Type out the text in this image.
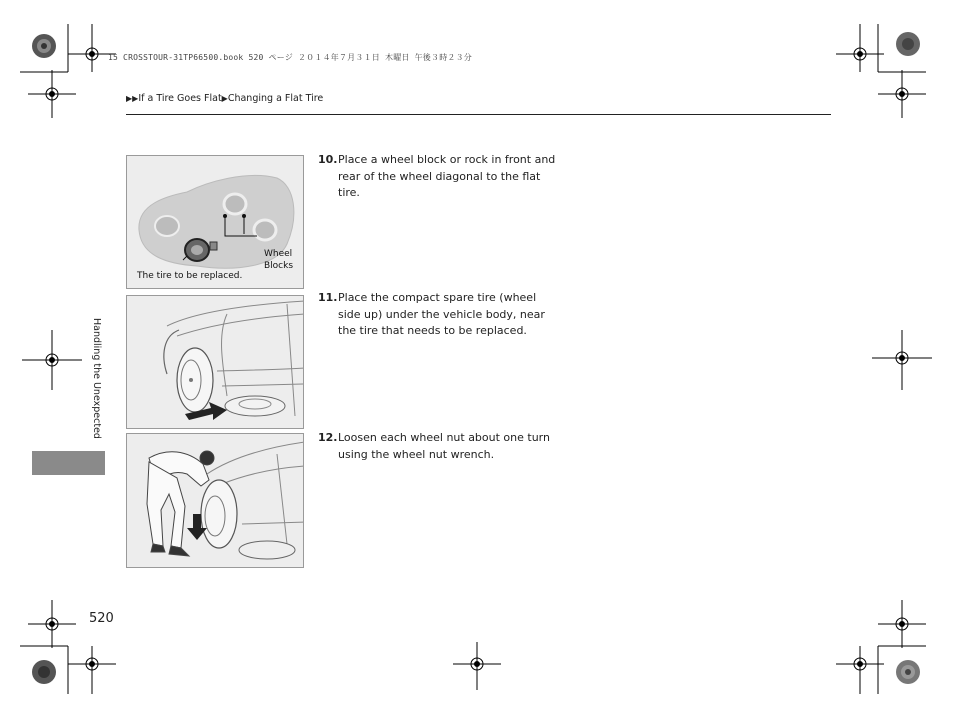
15 CROSSTOUR-31TP66500.book 520 ページ ２０１４年７月３１日 木曜日 午後３時２３分
▶▶If a Tire Goes Flat▶Changing a Flat Tire
Handling the Unexpected
Wheel
Blocks
The tire to be replaced.
10. Place a wheel block or rock in front and rear of the wheel diagonal to the flat tire.
11. Place the compact spare tire (wheel side up) under the vehicle body, near the tire that needs to be replaced.
12. Loosen each wheel nut about one turn using the wheel nut wrench.
520
